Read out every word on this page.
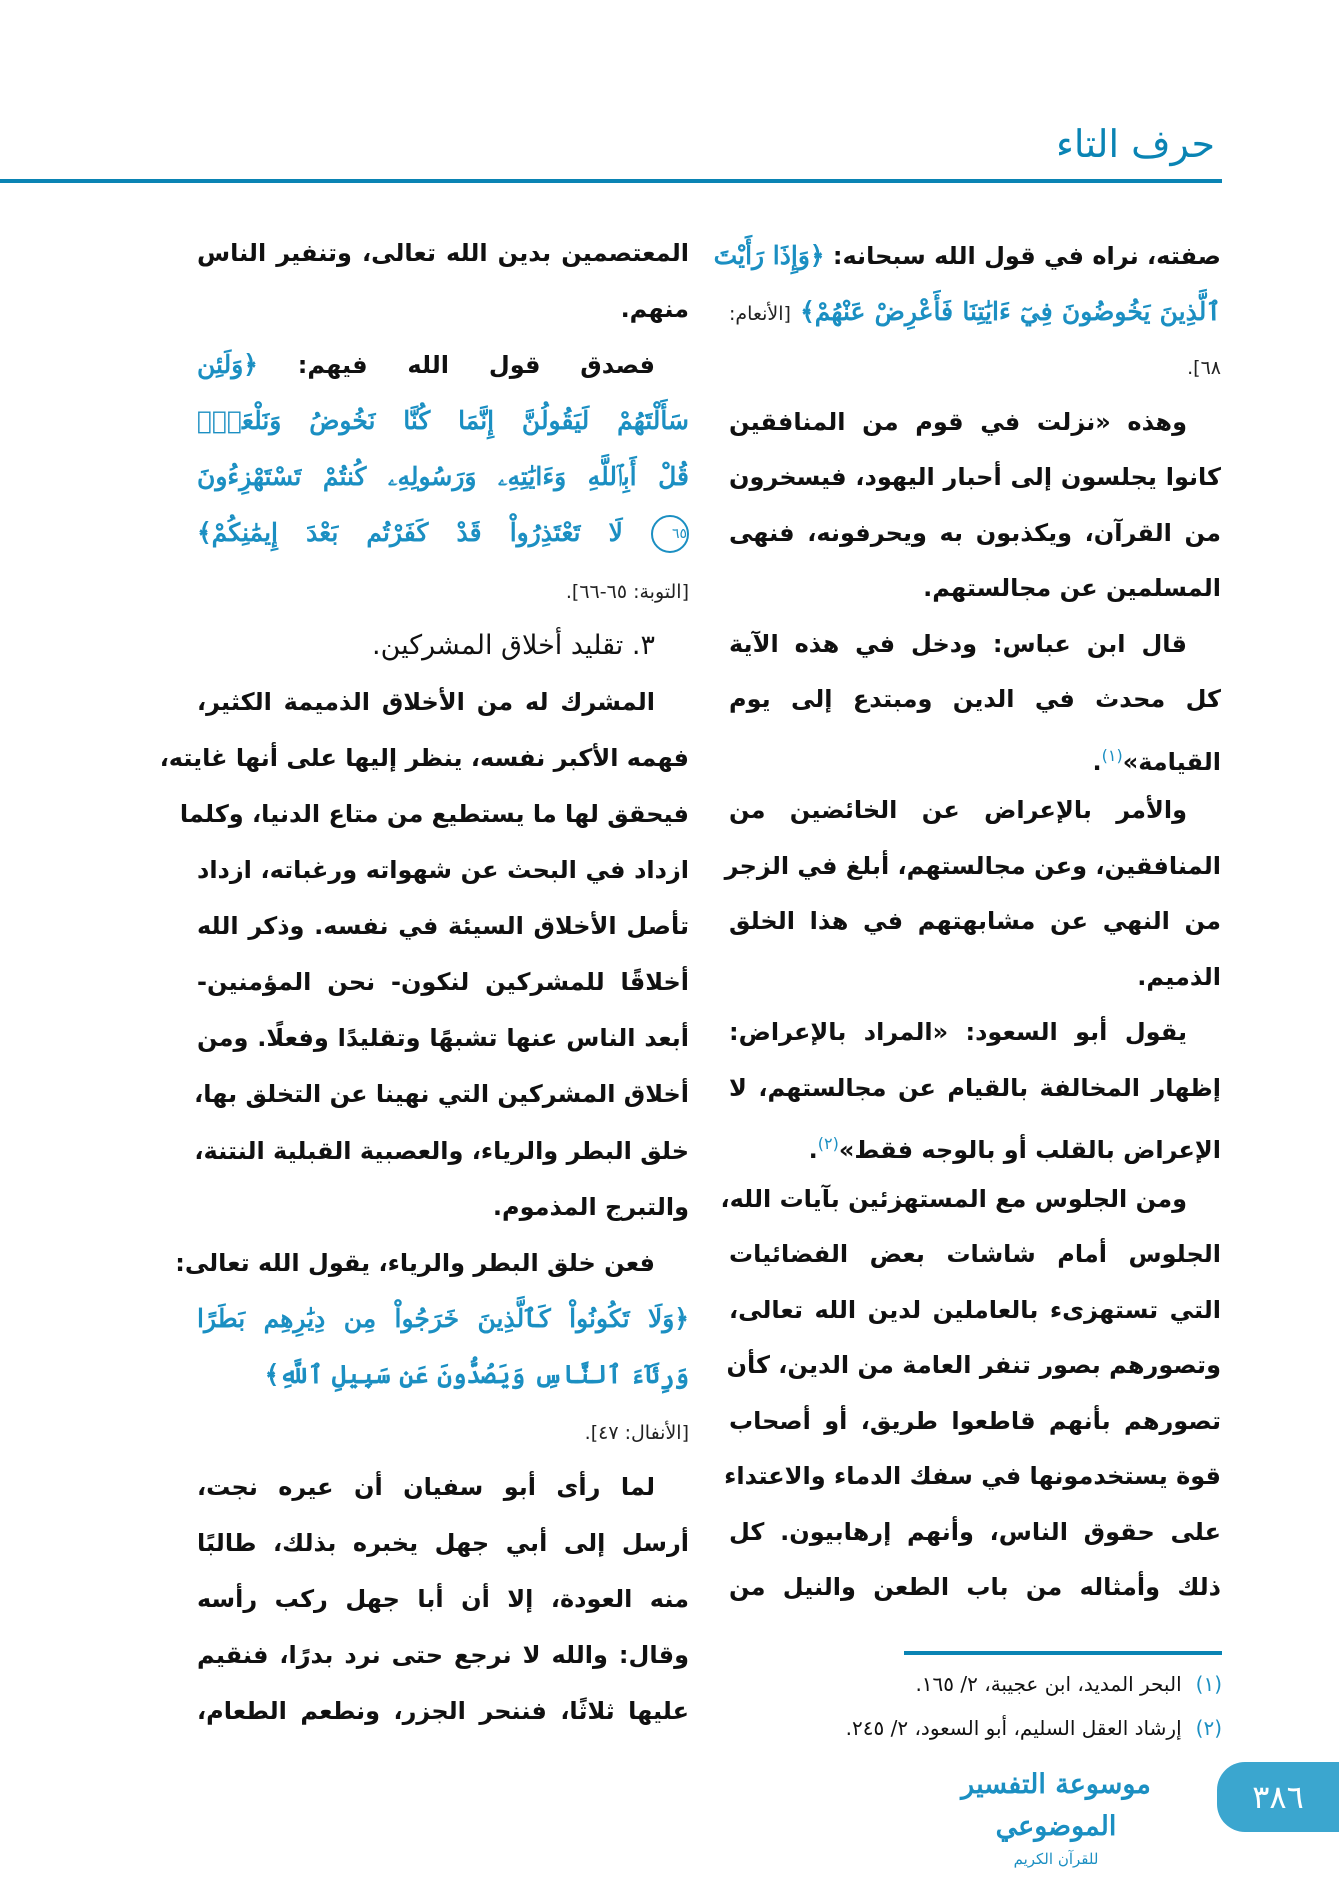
حرف التاء
صفته، نراه في قول الله سبحانه: ﴿وَإِذَا رَأَيْتَ
ٱلَّذِينَ يَخُوضُونَ فِيٓ ءَايَٰتِنَا فَأَعْرِضْ عَنْهُمْ﴾ [الأنعام:
٦٨].
وهذه «نزلت في قوم من المنافقين
كانوا يجلسون إلى أحبار اليهود، فيسخرون
من القرآن، ويكذبون به ويحرفونه، فنهى
المسلمين عن مجالستهم.
قال ابن عباس: ودخل في هذه الآية
كل محدث في الدين ومبتدع إلى يوم
القيامة»$^{(١)}$.
والأمر بالإعراض عن الخائضين من
المنافقين، وعن مجالستهم، أبلغ في الزجر
من النهي عن مشابهتهم في هذا الخلق
الذميم.
يقول أبو السعود: «المراد بالإعراض:
إظهار المخالفة بالقيام عن مجالستهم، لا
الإعراض بالقلب أو بالوجه فقط»$^{(٢)}$.
ومن الجلوس مع المستهزئين بآيات الله،
الجلوس أمام شاشات بعض الفضائيات
التي تستهزىء بالعاملين لدين الله تعالى،
وتصورهم بصور تنفر العامة من الدين، كأن
تصورهم بأنهم قاطعوا طريق، أو أصحاب
قوة يستخدمونها في سفك الدماء والاعتداء
على حقوق الناس، وأنهم إرهابيون. كل
ذلك وأمثاله من باب الطعن والنيل من
المعتصمين بدين الله تعالى، وتنفير الناس
منهم.
فصدق قول الله فيهم: ﴿وَلَئِن
سَأَلْتَهُمْ لَيَقُولُنَّ إِنَّمَا كُنَّا نَخُوضُ وَنَلْعَبُۚ
قُلْ أَبِٱللَّهِ وَءَايَٰتِهِۦ وَرَسُولِهِۦ كُنتُمْ تَسْتَهْزِءُونَ
٦٥ لَا تَعْتَذِرُواْ قَدْ كَفَرْتُم بَعْدَ إِيمَٰنِكُمْ﴾
[التوبة: ٦٥-٦٦].
٣. تقليد أخلاق المشركين.
المشرك له من الأخلاق الذميمة الكثير،
فهمه الأكبر نفسه، ينظر إليها على أنها غايته،
فيحقق لها ما يستطيع من متاع الدنيا، وكلما
ازداد في البحث عن شهواته ورغباته، ازداد
تأصل الأخلاق السيئة في نفسه. وذكر الله
أخلاقًا للمشركين لنكون- نحن المؤمنين-
أبعد الناس عنها تشبهًا وتقليدًا وفعلًا. ومن
أخلاق المشركين التي نهينا عن التخلق بها،
خلق البطر والرياء، والعصبية القبلية النتنة،
والتبرج المذموم.
فعن خلق البطر والرياء، يقول الله تعالى:
﴿وَلَا تَكُونُواْ كَٱلَّذِينَ خَرَجُواْ مِن دِيَٰرِهِم بَطَرًا
وَرِئَآءَ ٱلنَّاسِ وَيَصُدُّونَ عَن سَبِيلِ ٱللَّهِ﴾
[الأنفال: ٤٧].
لما رأى أبو سفيان أن عيره نجت،
أرسل إلى أبي جهل يخبره بذلك، طالبًا
منه العودة، إلا أن أبا جهل ركب رأسه
وقال: والله لا نرجع حتى نرد بدرًا، فنقيم
عليها ثلاثًا، فننحر الجزر، ونطعم الطعام،
(١)البحر المديد، ابن عجيبة، ٢/ ١٦٥.
(٢)إرشاد العقل السليم، أبو السعود، ٢/ ٢٤٥.
موسوعة التفسير الموضوعي
للقرآن الكريم
٣٨٦
